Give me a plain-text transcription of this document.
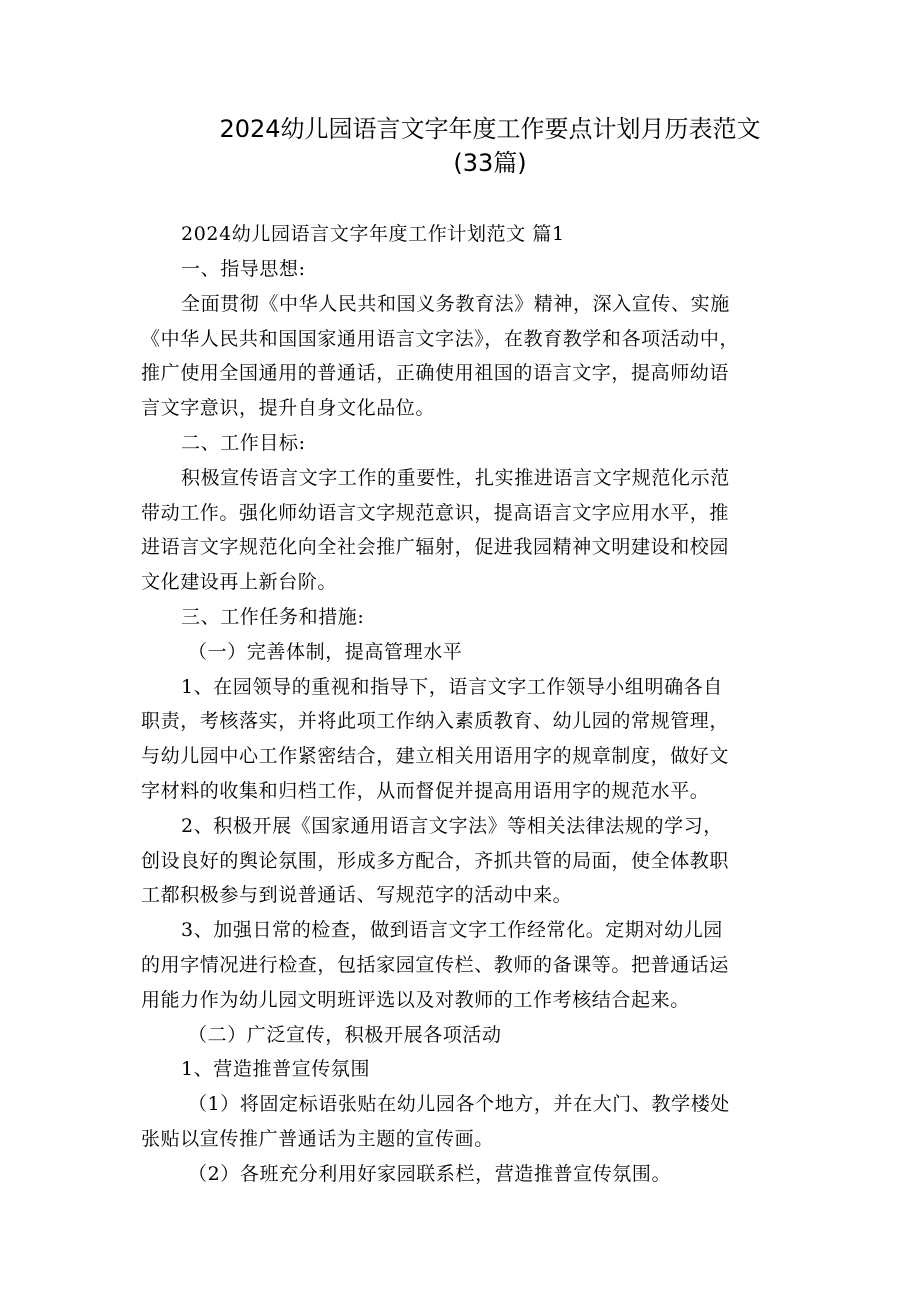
2024幼儿园语言文字年度工作要点计划月历表范文
(33篇)
2024幼儿园语言文字年度工作计划范文 篇1
一、指导思想:
全面贯彻《中华人民共和国义务教育法》精神，深入宣传、实施
《中华人民共和国国家通用语言文字法》，在教育教学和各项活动中，
推广使用全国通用的普通话，正确使用祖国的语言文字，提高师幼语
言文字意识，提升自身文化品位。
二、工作目标:
积极宣传语言文字工作的重要性，扎实推进语言文字规范化示范
带动工作。强化师幼语言文字规范意识，提高语言文字应用水平，推
进语言文字规范化向全社会推广辐射，促进我园精神文明建设和校园
文化建设再上新台阶。
三、工作任务和措施:
（一）完善体制，提高管理水平
1、在园领导的重视和指导下，语言文字工作领导小组明确各自
职责，考核落实，并将此项工作纳入素质教育、幼儿园的常规管理，
与幼儿园中心工作紧密结合，建立相关用语用字的规章制度，做好文
字材料的收集和归档工作，从而督促并提高用语用字的规范水平。
2、积极开展《国家通用语言文字法》等相关法律法规的学习，
创设良好的舆论氛围，形成多方配合，齐抓共管的局面，使全体教职
工都积极参与到说普通话、写规范字的活动中来。
3、加强日常的检查，做到语言文字工作经常化。定期对幼儿园
的用字情况进行检查，包括家园宣传栏、教师的备课等。把普通话运
用能力作为幼儿园文明班评选以及对教师的工作考核结合起来。
（二）广泛宣传，积极开展各项活动
1、营造推普宣传氛围
（1）将固定标语张贴在幼儿园各个地方，并在大门、教学楼处
张贴以宣传推广普通话为主题的宣传画。
（2）各班充分利用好家园联系栏，营造推普宣传氛围。
